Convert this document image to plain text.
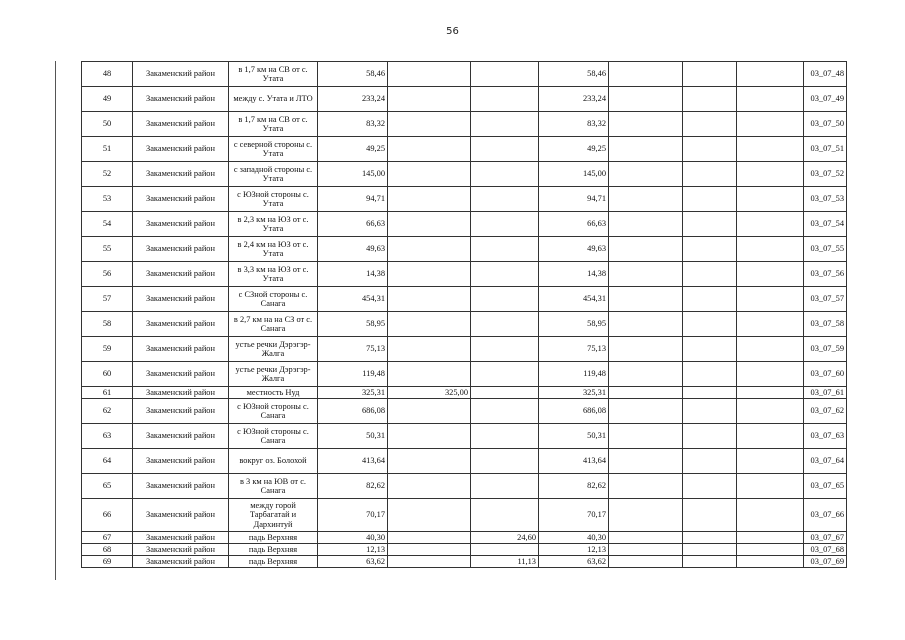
56
48	Закаменский район	в 1,7 км на СВ от с. Утата	58,46			58,46				03_07_48
49	Закаменский район	между с. Утата и ЛТО	233,24			233,24				03_07_49
50	Закаменский район	в 1,7 км на СВ от с. Утата	83,32			83,32				03_07_50
51	Закаменский район	с северной стороны с. Утата	49,25			49,25				03_07_51
52	Закаменский район	с западной стороны с. Утата	145,00			145,00				03_07_52
53	Закаменский район	с ЮЗной стороны с. Утата	94,71			94,71				03_07_53
54	Закаменский район	в 2,3 км на ЮЗ от с. Утата	66,63			66,63				03_07_54
55	Закаменский район	в 2,4 км на ЮЗ от с. Утата	49,63			49,63				03_07_55
56	Закаменский район	в 3,3 км на ЮЗ от с. Утата	14,38			14,38				03_07_56
57	Закаменский район	с СЗной стороны с. Санага	454,31			454,31				03_07_57
58	Закаменский район	в 2,7 км на на СЗ от с. Санага	58,95			58,95				03_07_58
59	Закаменский район	устье речки Дэрэгэр-Жалга	75,13			75,13				03_07_59
60	Закаменский район	устье речки Дэрэгэр-Жалга	119,48			119,48				03_07_60
61	Закаменский район	местность Нуд	325,31	325,00		325,31				03_07_61
62	Закаменский район	с ЮЗной стороны с. Санага	686,08			686,08				03_07_62
63	Закаменский район	с ЮЗной стороны с. Санага	50,31			50,31				03_07_63
64	Закаменский район	вокруг оз. Болохой	413,64			413,64				03_07_64
65	Закаменский район	в 3 км на ЮВ от с. Санага	82,62			82,62				03_07_65
66	Закаменский район	между горой Тарбагатай и Дархинтуй	70,17			70,17				03_07_66
67	Закаменский район	падь Верхняя	40,30		24,60	40,30				03_07_67
68	Закаменский район	падь Верхняя	12,13			12,13				03_07_68
69	Закаменский район	падь Верхняя	63,62		11,13	63,62				03_07_69
